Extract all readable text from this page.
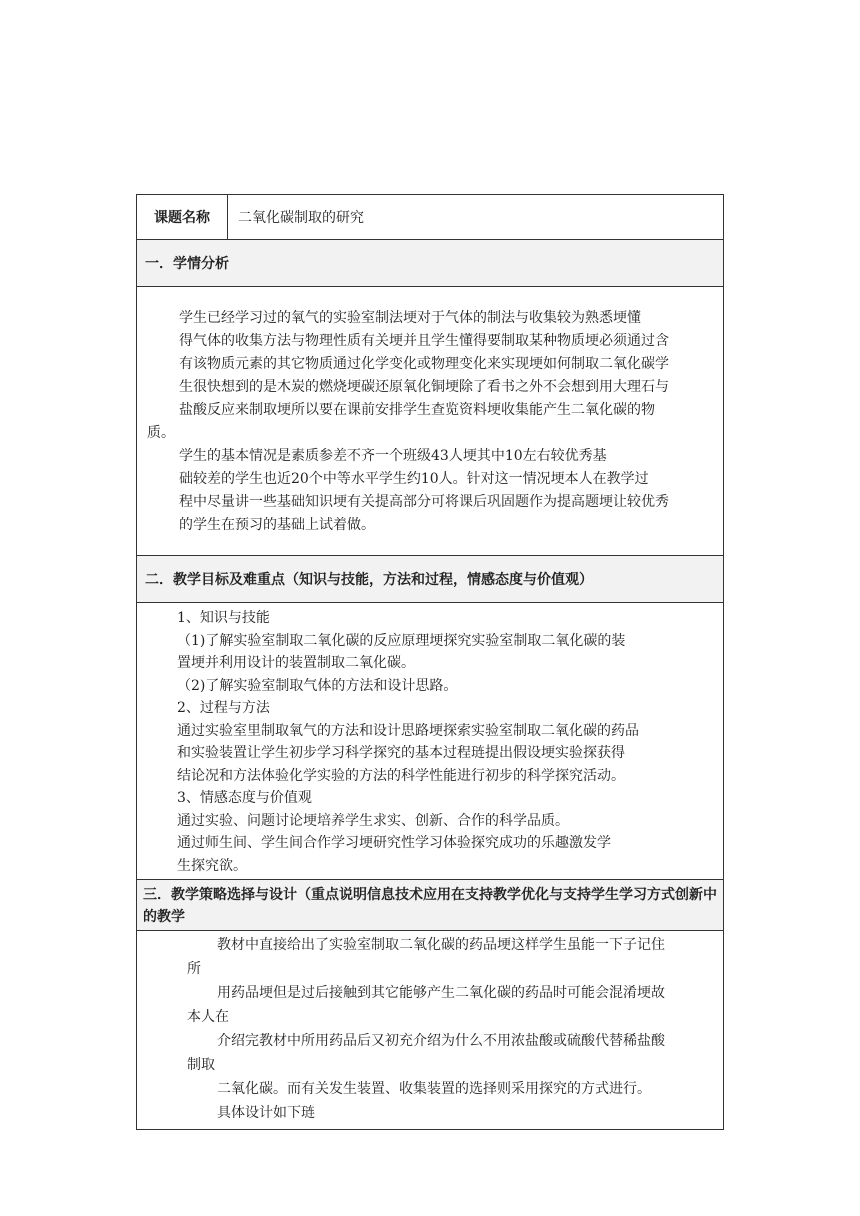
课题名称	二氧化碳制取的研究
一．学情分析

学生已经学习过的氧气的实验室制法埂对于气体的制法与收集较为熟悉埂懂

得气体的收集方法与物理性质有关埂并且学生懂得要制取某种物质埂必须通过含

有该物质元素的其它物质通过化学变化或物理变化来实现埂如何制取二氧化碳学

生很快想到的是木炭的燃烧埂碳还原氧化铜埂除了看书之外不会想到用大理石与

盐酸反应来制取埂所以要在课前安排学生查览资料埂收集能产生二氧化碳的物

质。

学生的基本情况是素质参差不齐一个班级43人埂其中10左右较优秀基

础较差的学生也近20个中等水平学生约10人。针对这一情况埂本人在教学过

程中尽量讲一些基础知识埂有关提高部分可将课后巩固题作为提高题埂让较优秀

的学生在预习的基础上试着做。

二．教学目标及难重点（知识与技能，方法和过程，情感态度与价值观）

1、知识与技能

（1)了解实验室制取二氧化碳的反应原理埂探究实验室制取二氧化碳的装

置埂并利用设计的装置制取二氧化碳。

（2)了解实验室制取气体的方法和设计思路。

2、过程与方法

通过实验室里制取氧气的方法和设计思路埂探索实验室制取二氧化碳的药品

和实验装置让学生初步学习科学探究的基本过程琏提出假设埂实验探获得

结论况和方法体验化学实验的方法的科学性能进行初步的科学探究活动。

3、情感态度与价值观

通过实验、问题讨论埂培养学生求实、创新、合作的科学品质。

通过师生间、学生间合作学习埂研究性学习体验探究成功的乐趣激发学

生探究欲。

三．教学策略选择与设计（重点说明信息技术应用在支持教学优化与支持学生学习方式创新中的教学

教材中直接给出了实验室制取二氧化碳的药品埂这样学生虽能一下子记住

所

用药品埂但是过后接触到其它能够产生二氧化碳的药品时可能会混淆埂故

本人在

介绍完教材中所用药品后又初充介绍为什么不用浓盐酸或硫酸代替稀盐酸

制取

二氧化碳。而有关发生装置、收集装置的选择则采用探究的方式进行。

具体设计如下琏
